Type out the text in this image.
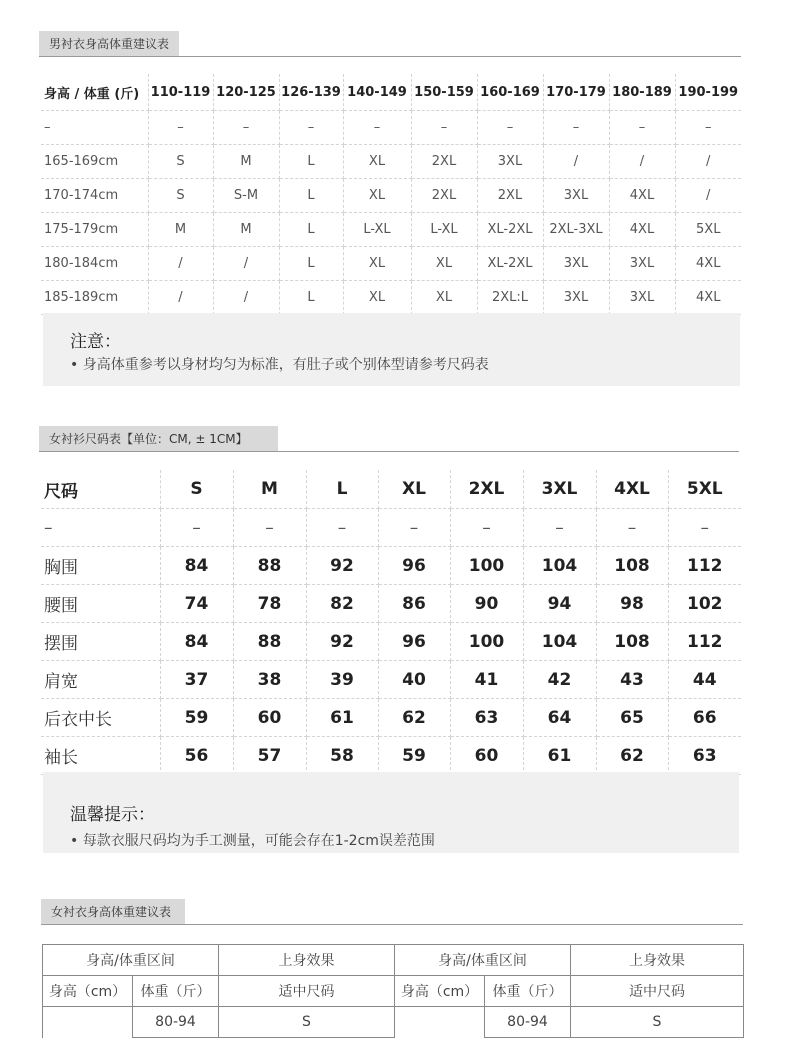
男衬衣身高体重建议表
身高 / 体重 (斤)	110-119	120-125	126-139	140-149	150-159	160-169	170-179	180-189	190-199
–	–	–	–	–	–	–	–	–	–
165-169cm	S	M	L	XL	2XL	3XL	/	/	/
170-174cm	S	S-M	L	XL	2XL	2XL	3XL	4XL	/
175-179cm	M	M	L	L-XL	L-XL	XL-2XL	2XL-3XL	4XL	5XL
180-184cm	/	/	L	XL	XL	XL-2XL	3XL	3XL	4XL
185-189cm	/	/	L	XL	XL	2XL:L	3XL	3XL	4XL
注意：
• 身高体重参考以身材均匀为标准，有肚子或个别体型请参考尺码表
女衬衫尺码表【单位：CM, ± 1CM】
尺码	S	M	L	XL	2XL	3XL	4XL	5XL
–	–	–	–	–	–	–	–	–
胸围	84	88	92	96	100	104	108	112
腰围	74	78	82	86	90	94	98	102
摆围	84	88	92	96	100	104	108	112
肩宽	37	38	39	40	41	42	43	44
后衣中长	59	60	61	62	63	64	65	66
袖长	56	57	58	59	60	61	62	63
温馨提示：
• 每款衣服尺码均为手工测量，可能会存在1-2cm误差范围
女衬衣身高体重建议表
身高/体重区间		上身效果	身高/体重区间		上身效果
身高（cm）	体重（斤）	适中尺码	身高（cm）	体重（斤）	适中尺码
	80-94	S		80-94	S
